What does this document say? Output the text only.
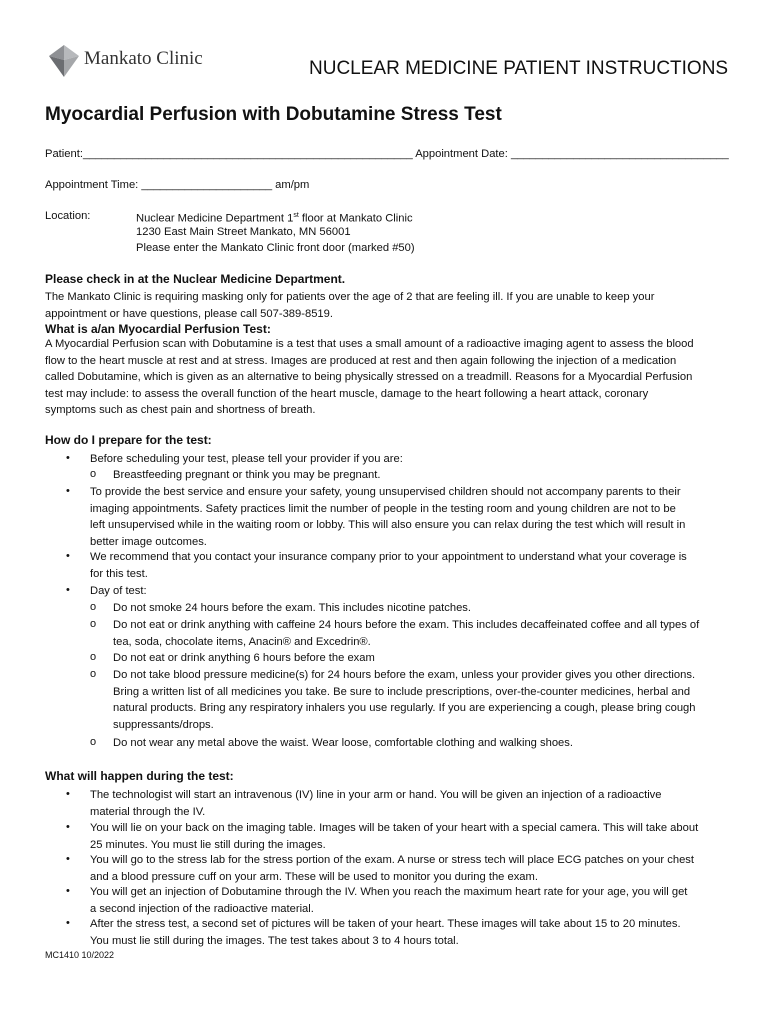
Mankato Clinic	NUCLEAR MEDICINE PATIENT INSTRUCTIONS
Myocardial Perfusion with Dobutamine Stress Test
Patient:_____________________________________________________ Appointment Date: ___________________________________
Appointment Time: _____________________ am/pm
Location:	Nuclear Medicine Department 1st floor at Mankato Clinic
1230 East Main Street Mankato, MN 56001
Please enter the Mankato Clinic front door (marked #50)
Please check in at the Nuclear Medicine Department.
The Mankato Clinic is requiring masking only for patients over the age of 2 that are feeling ill. If you are unable to keep your
appointment or have questions, please call 507-389-8519.
What is a/an Myocardial Perfusion Test:
A Myocardial Perfusion scan with Dobutamine is a test that uses a small amount of a radioactive imaging agent to assess the blood
flow to the heart muscle at rest and at stress. Images are produced at rest and then again following the injection of a medication
called Dobutamine, which is given as an alternative to being physically stressed on a treadmill. Reasons for a Myocardial Perfusion
test may include: to assess the overall function of the heart muscle, damage to the heart following a heart attack, coronary
symptoms such as chest pain and shortness of breath.
How do I prepare for the test:
• Before scheduling your test, please tell your provider if you are:
o Breastfeeding pregnant or think you may be pregnant.
• To provide the best service and ensure your safety, young unsupervised children should not accompany parents to their
imaging appointments. Safety practices limit the number of people in the testing room and young children are not to be
left unsupervised while in the waiting room or lobby. This will also ensure you can relax during the test which will result in
better image outcomes.
• We recommend that you contact your insurance company prior to your appointment to understand what your coverage is
for this test.
• Day of test:
o Do not smoke 24 hours before the exam. This includes nicotine patches.
o Do not eat or drink anything with caffeine 24 hours before the exam. This includes decaffeinated coffee and all types of
tea, soda, chocolate items, Anacin® and Excedrin®.
o Do not eat or drink anything 6 hours before the exam
o Do not take blood pressure medicine(s) for 24 hours before the exam, unless your provider gives you other directions.
Bring a written list of all medicines you take. Be sure to include prescriptions, over-the-counter medicines, herbal and
natural products. Bring any respiratory inhalers you use regularly. If you are experiencing a cough, please bring cough
suppressants/drops.
o Do not wear any metal above the waist. Wear loose, comfortable clothing and walking shoes.
What will happen during the test:
• The technologist will start an intravenous (IV) line in your arm or hand. You will be given an injection of a radioactive
material through the IV.
• You will lie on your back on the imaging table. Images will be taken of your heart with a special camera. This will take about
25 minutes. You must lie still during the images.
• You will go to the stress lab for the stress portion of the exam. A nurse or stress tech will place ECG patches on your chest
and a blood pressure cuff on your arm. These will be used to monitor you during the exam.
• You will get an injection of Dobutamine through the IV. When you reach the maximum heart rate for your age, you will get
a second injection of the radioactive material.
• After the stress test, a second set of pictures will be taken of your heart. These images will take about 15 to 20 minutes.
You must lie still during the images. The test takes about 3 to 4 hours total.
MC1410 10/2022
